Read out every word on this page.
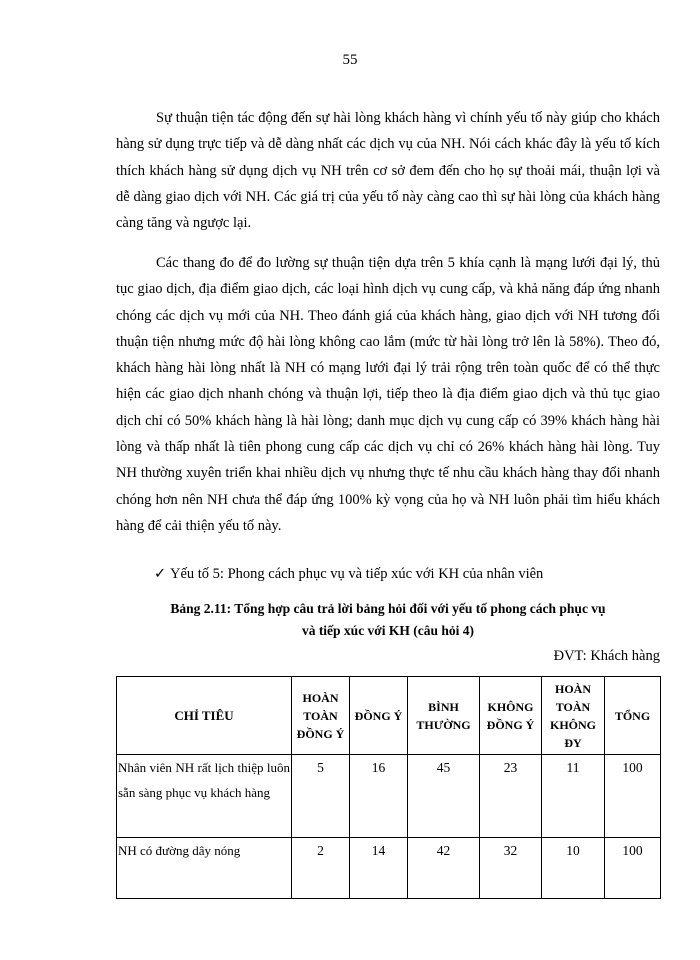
55

Sự thuận tiện tác động đến sự hài lòng khách hàng vì chính yếu tố này giúp cho khách hàng sử dụng trực tiếp và dễ dàng nhất các dịch vụ của NH. Nói cách khác đây là yếu tố kích thích khách hàng sử dụng dịch vụ NH trên cơ sở đem đến cho họ sự thoải mái, thuận lợi và dễ dàng giao dịch với NH. Các giá trị của yếu tố này càng cao thì sự hài lòng của khách hàng càng tăng và ngược lại.

Các thang đo để đo lường sự thuận tiện dựa trên 5 khía cạnh là mạng lưới đại lý, thủ tục giao dịch, địa điểm giao dịch, các loại hình dịch vụ cung cấp, và khả năng đáp ứng nhanh chóng các dịch vụ mới của NH. Theo đánh giá của khách hàng, giao dịch với NH tương đối thuận tiện nhưng mức độ hài lòng không cao lắm (mức từ hài lòng trở lên là 58%). Theo đó, khách hàng hài lòng nhất là NH có mạng lưới đại lý trải rộng trên toàn quốc để có thể thực hiện các giao dịch nhanh chóng và thuận lợi, tiếp theo là địa điểm giao dịch và thủ tục giao dịch chỉ có 50% khách hàng là hài lòng; danh mục dịch vụ cung cấp có 39% khách hàng hài lòng và thấp nhất là tiên phong cung cấp các dịch vụ chỉ có 26% khách hàng hài lòng. Tuy NH thường xuyên triển khai nhiều dịch vụ nhưng thực tế nhu cầu khách hàng thay đổi nhanh chóng hơn nên NH chưa thể đáp ứng 100% kỳ vọng của họ và NH luôn phải tìm hiểu khách hàng để cải thiện yếu tố này.

✓ Yếu tố 5: Phong cách phục vụ và tiếp xúc với KH của nhân viên
Bảng 2.11: Tổng hợp câu trả lời bảng hỏi đối với yếu tố phong cách phục vụ
và tiếp xúc với KH (câu hỏi 4)
ĐVT: Khách hàng
CHỈ TIÊU	HOÀN TOÀN ĐỒNG Ý	ĐỒNG Ý	BÌNH THƯỜNG	KHÔNG ĐỒNG Ý	HOÀN TOÀN KHÔNG ĐY	TỔNG
Nhân viên NH rất lịch thiệp luôn sẵn sàng phục vụ khách hàng	5	16	45	23	11	100
NH có đường dây nóng	2	14	42	32	10	100
